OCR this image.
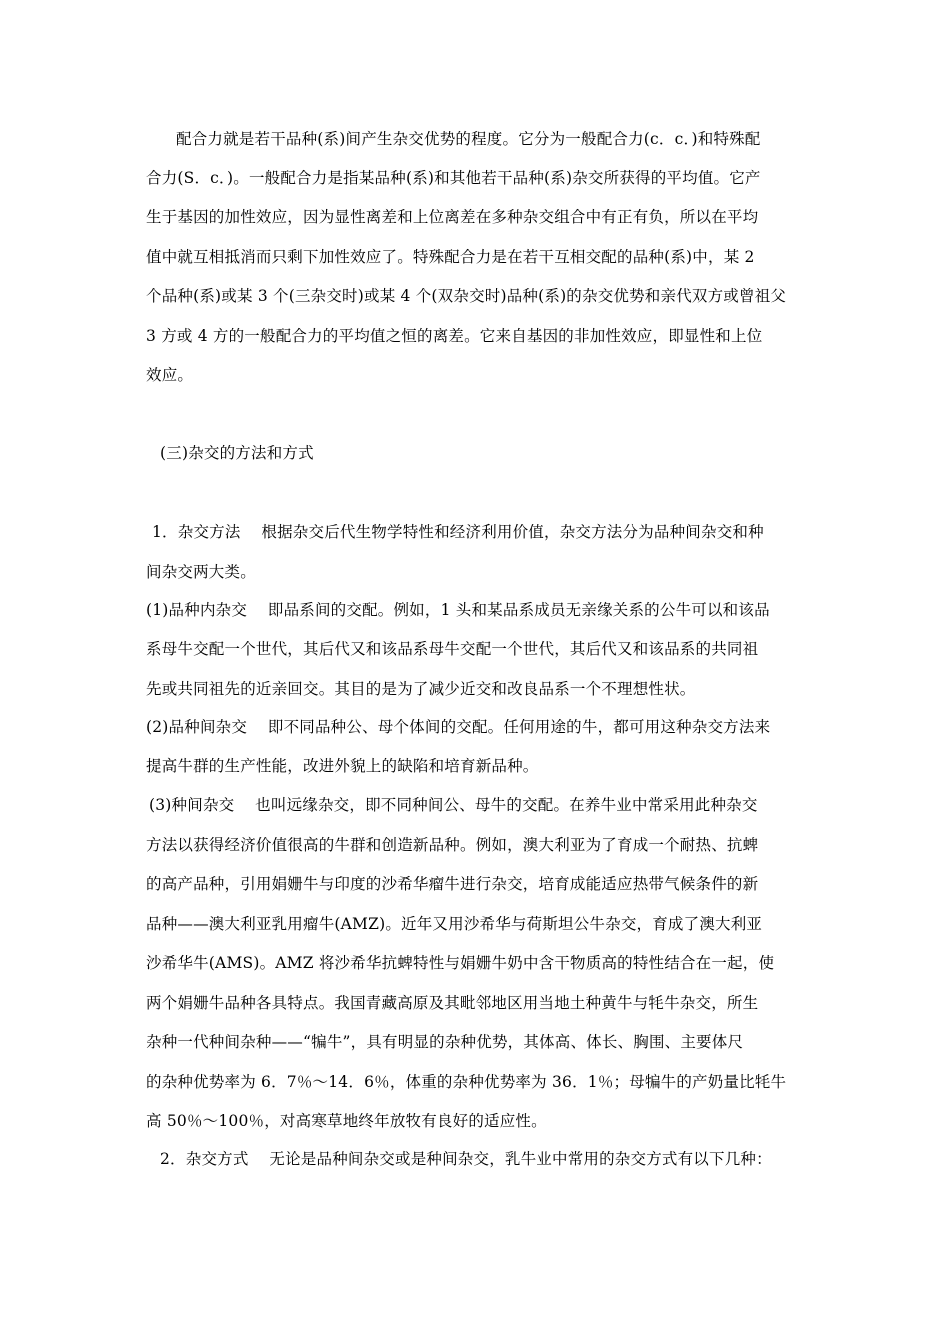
配合力就是若干品种(系)间产生杂交优势的程度。它分为一般配合力(c．c．)和特殊配
合力(S．c．)。一般配合力是指某品种(系)和其他若干品种(系)杂交所获得的平均值。它产
生于基因的加性效应，因为显性离差和上位离差在多种杂交组合中有正有负，所以在平均
值中就互相抵消而只剩下加性效应了。特殊配合力是在若干互相交配的品种(系)中，某 2
个品种(系)或某 3 个(三杂交时)或某 4 个(双杂交时)品种(系)的杂交优势和亲代双方或曾祖父
3 方或 4 方的一般配合力的平均值之恒的离差。它来自基因的非加性效应，即显性和上位
效应。
(三)杂交的方法和方式
1．杂交方法　 根据杂交后代生物学特性和经济利用价值，杂交方法分为品种间杂交和种
间杂交两大类。
(1)品种内杂交　 即品系间的交配。例如，1 头和某品系成员无亲缘关系的公牛可以和该品
系母牛交配一个世代，其后代又和该品系母牛交配一个世代，其后代又和该品系的共同祖
先或共同祖先的近亲回交。其目的是为了减少近交和改良品系一个不理想性状。
(2)品种间杂交　 即不同品种公、母个体间的交配。任何用途的牛，都可用这种杂交方法来
提高牛群的生产性能，改进外貌上的缺陷和培育新品种。
(3)种间杂交　 也叫远缘杂交，即不同种间公、母牛的交配。在养牛业中常采用此种杂交
方法以获得经济价值很高的牛群和创造新品种。例如，澳大利亚为了育成一个耐热、抗蜱
的高产品种，引用娟姗牛与印度的沙希华瘤牛进行杂交，培育成能适应热带气候条件的新
品种——澳大利亚乳用瘤牛(AMZ)。近年又用沙希华与荷斯坦公牛杂交，育成了澳大利亚
沙希华牛(AMS)。AMZ 将沙希华抗蜱特性与娟姗牛奶中含干物质高的特性结合在一起，使
两个娟姗牛品种各具特点。我国青藏高原及其毗邻地区用当地土种黄牛与牦牛杂交，所生
杂种一代种间杂种——“犏牛”，具有明显的杂种优势，其体高、体长、胸围、主要体尺
的杂种优势率为 6．7％～14．6％，体重的杂种优势率为 36．1％；母犏牛的产奶量比牦牛
高 50％～100％，对高寒草地终年放牧有良好的适应性。
2．杂交方式　 无论是品种间杂交或是种间杂交，乳牛业中常用的杂交方式有以下几种：
